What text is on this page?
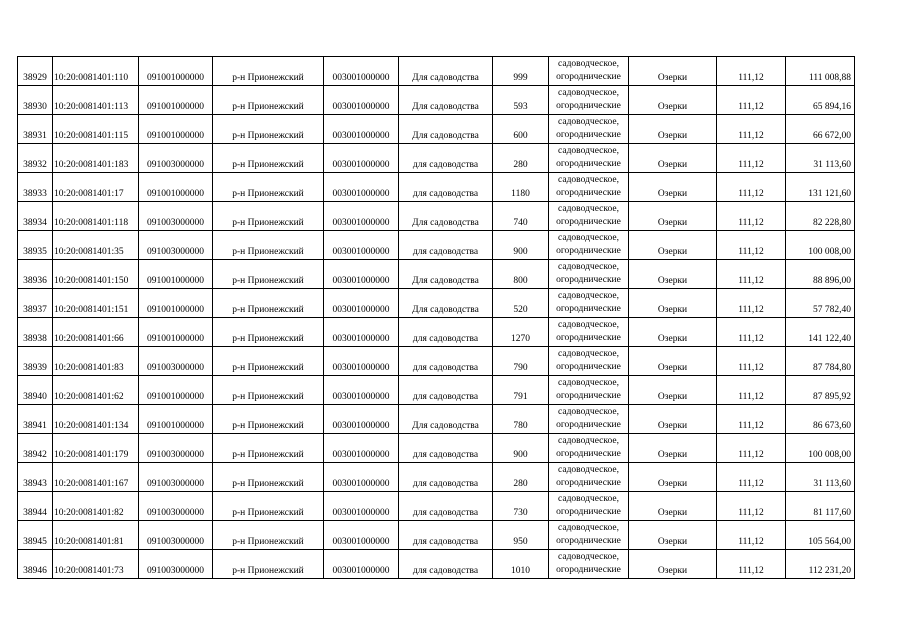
38929	10:20:0081401:110	091001000000	р-н Прионежский	003001000000	Для садоводства	999	садоводческое,
огороднические	Озерки	111,12	111 008,88

38930	10:20:0081401:113	091001000000	р-н Прионежский	003001000000	Для садоводства	593	садоводческое,
огороднические	Озерки	111,12	65 894,16

38931	10:20:0081401:115	091001000000	р-н Прионежский	003001000000	Для садоводства	600	садоводческое,
огороднические	Озерки	111,12	66 672,00

38932	10:20:0081401:183	091003000000	р-н Прионежский	003001000000	для садоводства	280	садоводческое,
огороднические	Озерки	111,12	31 113,60

38933	10:20:0081401:17	091001000000	р-н Прионежский	003001000000	для садоводства	1180	садоводческое,
огороднические	Озерки	111,12	131 121,60

38934	10:20:0081401:118	091003000000	р-н Прионежский	003001000000	Для садоводства	740	садоводческое,
огороднические	Озерки	111,12	82 228,80

38935	10:20:0081401:35	091003000000	р-н Прионежский	003001000000	для садоводства	900	садоводческое,
огороднические	Озерки	111,12	100 008,00

38936	10:20:0081401:150	091001000000	р-н Прионежский	003001000000	Для садоводства	800	садоводческое,
огороднические	Озерки	111,12	88 896,00

38937	10:20:0081401:151	091001000000	р-н Прионежский	003001000000	Для садоводства	520	садоводческое,
огороднические	Озерки	111,12	57 782,40

38938	10:20:0081401:66	091001000000	р-н Прионежский	003001000000	для садоводства	1270	садоводческое,
огороднические	Озерки	111,12	141 122,40

38939	10:20:0081401:83	091003000000	р-н Прионежский	003001000000	для садоводства	790	садоводческое,
огороднические	Озерки	111,12	87 784,80

38940	10:20:0081401:62	091001000000	р-н Прионежский	003001000000	для садоводства	791	садоводческое,
огороднические	Озерки	111,12	87 895,92

38941	10:20:0081401:134	091001000000	р-н Прионежский	003001000000	Для садоводства	780	садоводческое,
огороднические	Озерки	111,12	86 673,60

38942	10:20:0081401:179	091003000000	р-н Прионежский	003001000000	для садоводства	900	садоводческое,
огороднические	Озерки	111,12	100 008,00

38943	10:20:0081401:167	091003000000	р-н Прионежский	003001000000	для садоводства	280	садоводческое,
огороднические	Озерки	111,12	31 113,60

38944	10:20:0081401:82	091003000000	р-н Прионежский	003001000000	для садоводства	730	садоводческое,
огороднические	Озерки	111,12	81 117,60

38945	10:20:0081401:81	091003000000	р-н Прионежский	003001000000	для садоводства	950	садоводческое,
огороднические	Озерки	111,12	105 564,00

38946	10:20:0081401:73	091003000000	р-н Прионежский	003001000000	для садоводства	1010	садоводческое,
огороднические	Озерки	111,12	112 231,20
